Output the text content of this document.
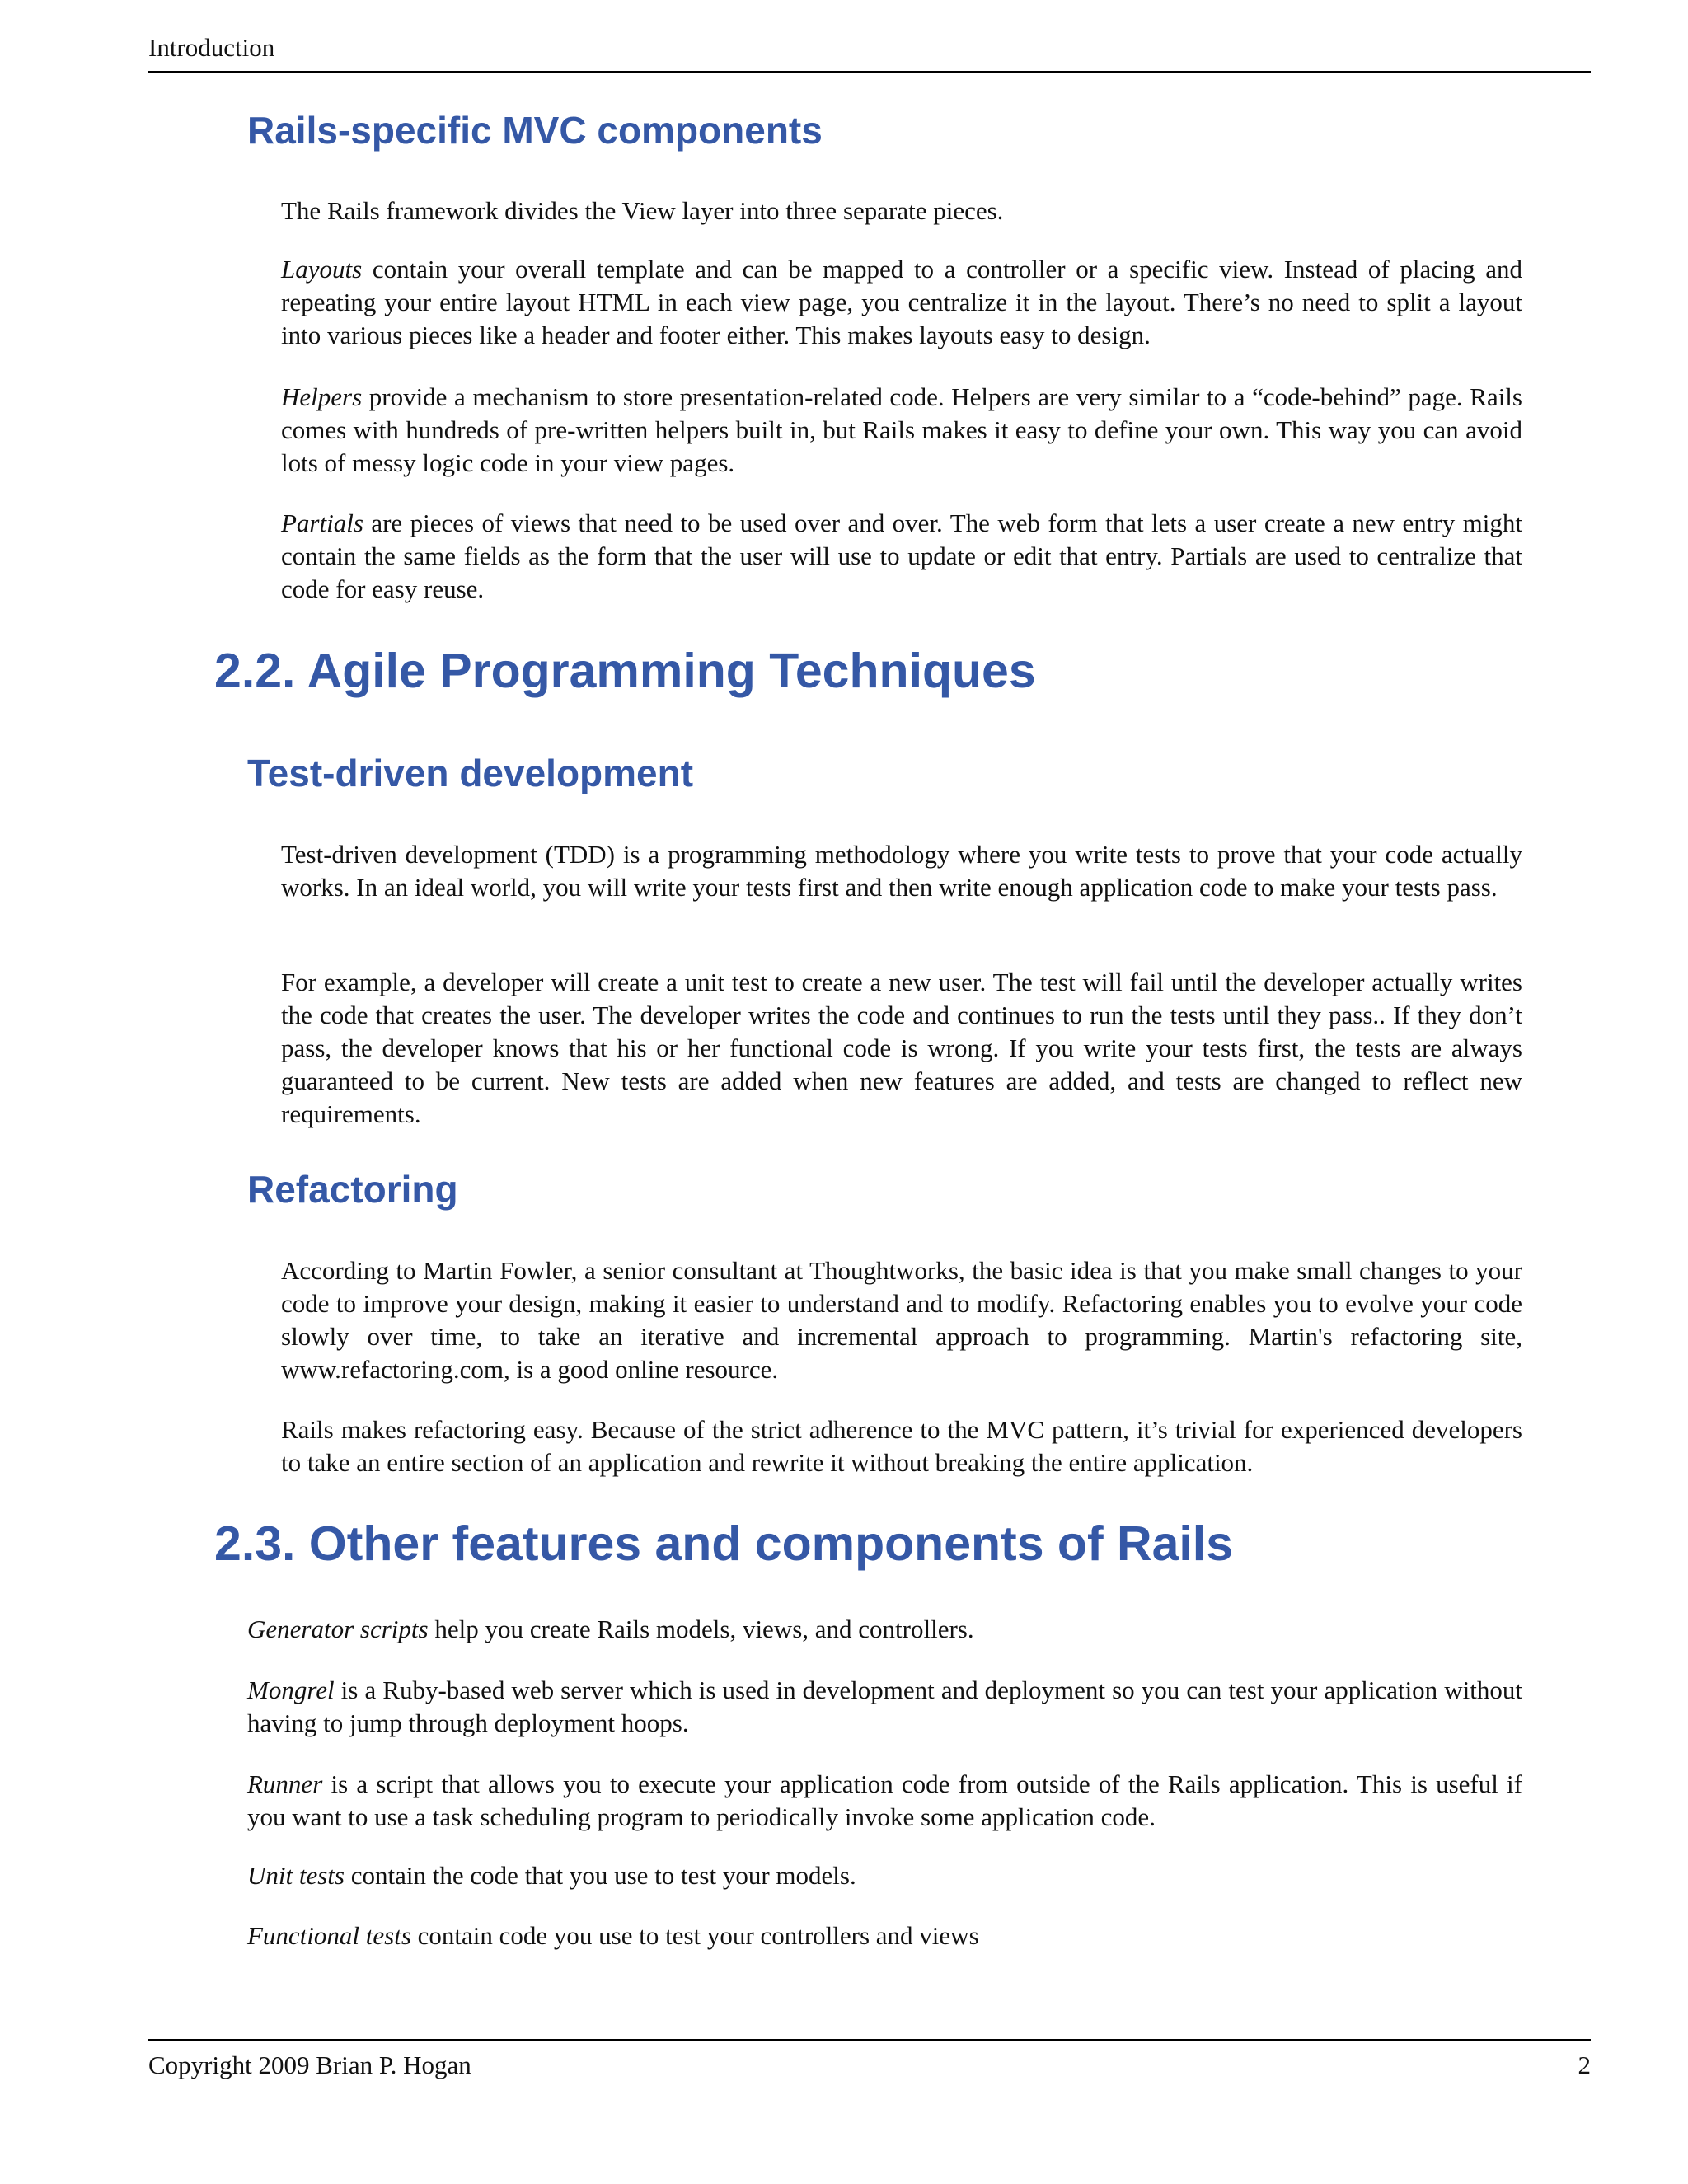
Introduction
Rails-specific MVC components

The Rails framework divides the View layer into three separate pieces.

Layouts contain your overall template and can be mapped to a controller or a specific view. Instead of placing and repeating your entire layout HTML in each view page, you centralize it in the layout. There’s no need to split a layout into various pieces like a header and footer either. This makes layouts easy to design.

Helpers provide a mechanism to store presentation-related code. Helpers are very similar to a “code-behind” page. Rails comes with hundreds of pre-written helpers built in, but Rails makes it easy to define your own. This way you can avoid lots of messy logic code in your view pages.

Partials are pieces of views that need to be used over and over. The web form that lets a user create a new entry might contain the same fields as the form that the user will use to update or edit that entry. Partials are used to centralize that code for easy reuse.

2.2. Agile Programming Techniques
Test-driven development

Test-driven development (TDD) is a programming methodology where you write tests to prove that your code actually works. In an ideal world, you will write your tests first and then write enough application code to make your tests pass.

For example, a developer will create a unit test to create a new user. The test will fail until the developer actually writes the code that creates the user. The developer writes the code and continues to run the tests until they pass.. If they don’t pass, the developer knows that his or her functional code is wrong. If you write your tests first, the tests are always guaranteed to be current. New tests are added when new features are added, and tests are changed to reflect new requirements.

Refactoring

According to Martin Fowler, a senior consultant at Thoughtworks, the basic idea is that you make small changes to your code to improve your design, making it easier to understand and to modify. Refactoring enables you to evolve your code slowly over time, to take an iterative and incremental approach to programming. Martin's refactoring site, www.refactoring.com, is a good online resource.

Rails makes refactoring easy. Because of the strict adherence to the MVC pattern, it’s trivial for experienced developers to take an entire section of an application and rewrite it without breaking the entire application.

2.3. Other features and components of Rails

Generator scripts help you create Rails models, views, and controllers.

Mongrel is a Ruby-based web server which is used in development and deployment so you can test your application without having to jump through deployment hoops.

Runner is a script that allows you to execute your application code from outside of the Rails application. This is useful if you want to use a task scheduling program to periodically invoke some application code.

Unit tests contain the code that you use to test your models.

Functional tests contain code you use to test your controllers and views

Copyright 2009 Brian P. Hogan	2
